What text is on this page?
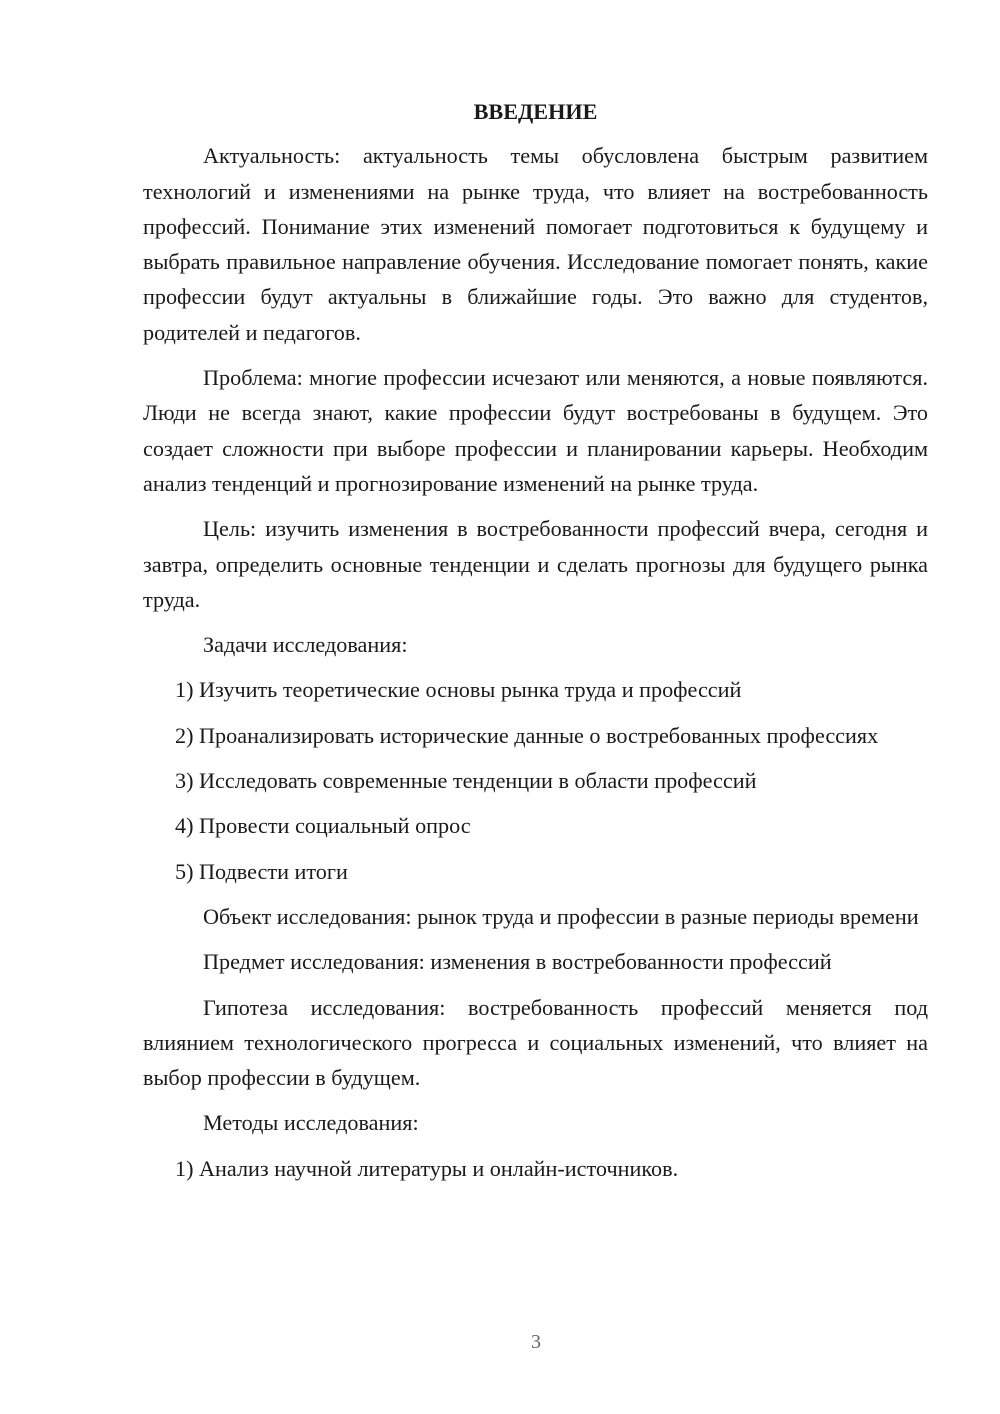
ВВЕДЕНИЕ

Актуальность: актуальность темы обусловлена быстрым развитием технологий и изменениями на рынке труда, что влияет на востребованность профессий. Понимание этих изменений помогает подготовиться к будущему и выбрать правильное направление обучения. Исследование помогает понять, какие профессии будут актуальны в ближайшие годы. Это важно для студентов, родителей и педагогов.

Проблема: многие профессии исчезают или меняются, а новые появляются. Люди не всегда знают, какие профессии будут востребованы в будущем. Это создает сложности при выборе профессии и планировании карьеры. Необходим анализ тенденций и прогнозирование изменений на рынке труда.

Цель: изучить изменения в востребованности профессий вчера, сегодня и завтра, определить основные тенденции и сделать прогнозы для будущего рынка труда.

Задачи исследования:

1) Изучить теоретические основы рынка труда и профессий

2) Проанализировать исторические данные о востребованных профессиях

3) Исследовать современные тенденции в области профессий

4) Провести социальный опрос

5) Подвести итоги

Объект исследования: рынок труда и профессии в разные периоды времени

Предмет исследования: изменения в востребованности профессий

Гипотеза исследования: востребованность профессий меняется под влиянием технологического прогресса и социальных изменений, что влияет на выбор профессии в будущем.

Методы исследования:

1) Анализ научной литературы и онлайн-источников.

3
